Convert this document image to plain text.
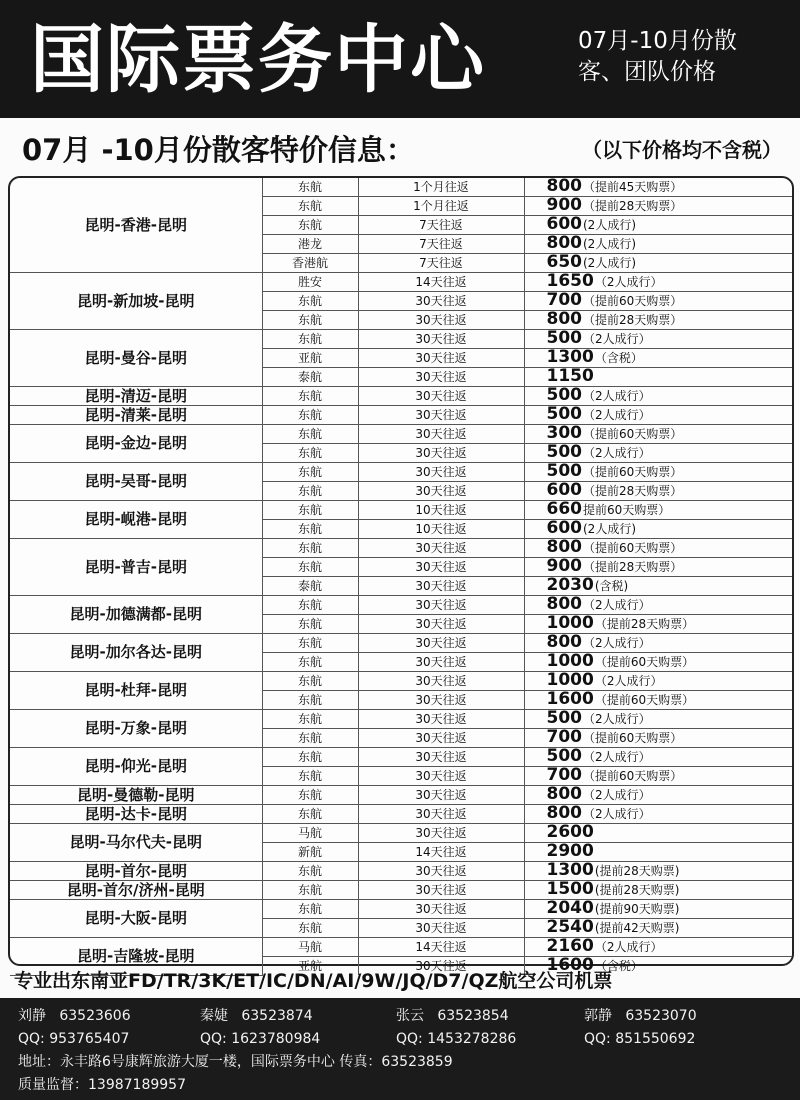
国际票务中心	07月-10月份散
客、团队价格
07月 -10月份散客特价信息：	（以下价格均不含税）
昆明-香港-昆明	东航	1个月往返	800（提前45天购票）
	东航	1个月往返	900（提前28天购票）
	东航	7天往返	600(2人成行)
	港龙	7天往返	800(2人成行)
	香港航	7天往返	650(2人成行)
昆明-新加坡-昆明	胜安	14天往返	1650（2人成行）
	东航	30天往返	700（提前60天购票）
	东航	30天往返	800（提前28天购票）
昆明-曼谷-昆明	东航	30天往返	500（2人成行）
	亚航	30天往返	1300（含税）
	泰航	30天往返	1150
昆明-清迈-昆明	东航	30天往返	500（2人成行）
昆明-清莱-昆明	东航	30天往返	500（2人成行）
昆明-金边-昆明	东航	30天往返	300（提前60天购票）
	东航	30天往返	500（2人成行）
昆明-吴哥-昆明	东航	30天往返	500（提前60天购票）
	东航	30天往返	600（提前28天购票）
昆明-岘港-昆明	东航	10天往返	660提前60天购票）
	东航	10天往返	600(2人成行)
昆明-普吉-昆明	东航	30天往返	800（提前60天购票）
	东航	30天往返	900（提前28天购票）
	泰航	30天往返	2030(含税)
昆明-加德满都-昆明	东航	30天往返	800（2人成行）
	东航	30天往返	1000（提前28天购票）
昆明-加尔各达-昆明	东航	30天往返	800（2人成行）
	东航	30天往返	1000（提前60天购票）
昆明-杜拜-昆明	东航	30天往返	1000（2人成行）
	东航	30天往返	1600（提前60天购票）
昆明-万象-昆明	东航	30天往返	500（2人成行）
	东航	30天往返	700（提前60天购票）
昆明-仰光-昆明	东航	30天往返	500（2人成行）
	东航	30天往返	700（提前60天购票）
昆明-曼德勒-昆明	东航	30天往返	800（2人成行）
昆明-达卡-昆明	东航	30天往返	800（2人成行）
昆明-马尔代夫-昆明	马航	30天往返	2600
	新航	14天往返	2900
昆明-首尔-昆明	东航	30天往返	1300(提前28天购票)
昆明-首尔/济州-昆明	东航	30天往返	1500(提前28天购票)
昆明-大阪-昆明	东航	30天往返	2040(提前90天购票)
	东航	30天往返	2540(提前42天购票)
昆明-吉隆坡-昆明	马航	14天往返	2160（2人成行）
	亚航	30天往返	1600（含税）
专业出东南亚FD/TR/3K/ET/IC/DN/AI/9W/JQ/D7/QZ航空公司机票
刘静 63523606	秦婕 63523874	张云 63523854	郭静 63523070
QQ: 953765407	QQ: 1623780984	QQ: 1453278286	QQ: 851550692
地址：永丰路6号康辉旅游大厦一楼，国际票务中心 传真：63523859
质量监督：13987189957
